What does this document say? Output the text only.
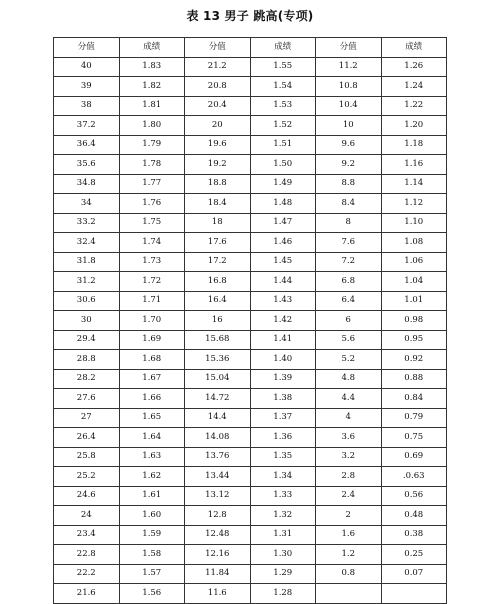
表 13 男子 跳高(专项)
分值	成绩	分值	成绩	分值	成绩
40	1.83	21.2	1.55	11.2	1.26
39	1.82	20.8	1.54	10.8	1.24
38	1.81	20.4	1.53	10.4	1.22
37.2	1.80	20	1.52	10	1.20
36.4	1.79	19.6	1.51	9.6	1.18
35.6	1.78	19.2	1.50	9.2	1.16
34.8	1.77	18.8	1.49	8.8	1.14
34	1.76	18.4	1.48	8.4	1.12
33.2	1.75	18	1.47	8	1.10
32.4	1.74	17.6	1.46	7.6	1.08
31.8	1.73	17.2	1.45	7.2	1.06
31.2	1.72	16.8	1.44	6.8	1.04
30.6	1.71	16.4	1.43	6.4	1.01
30	1.70	16	1.42	6	0.98
29.4	1.69	15.68	1.41	5.6	0.95
28.8	1.68	15.36	1.40	5.2	0.92
28.2	1.67	15.04	1.39	4.8	0.88
27.6	1.66	14.72	1.38	4.4	0.84
27	1.65	14.4	1.37	4	0.79
26.4	1.64	14.08	1.36	3.6	0.75
25.8	1.63	13.76	1.35	3.2	0.69
25.2	1.62	13.44	1.34	2.8	.0.63
24.6	1.61	13.12	1.33	2.4	0.56
24	1.60	12.8	1.32	2	0.48
23.4	1.59	12.48	1.31	1.6	0.38
22.8	1.58	12.16	1.30	1.2	0.25
22.2	1.57	11.84	1.29	0.8	0.07
21.6	1.56	11.6	1.28		
